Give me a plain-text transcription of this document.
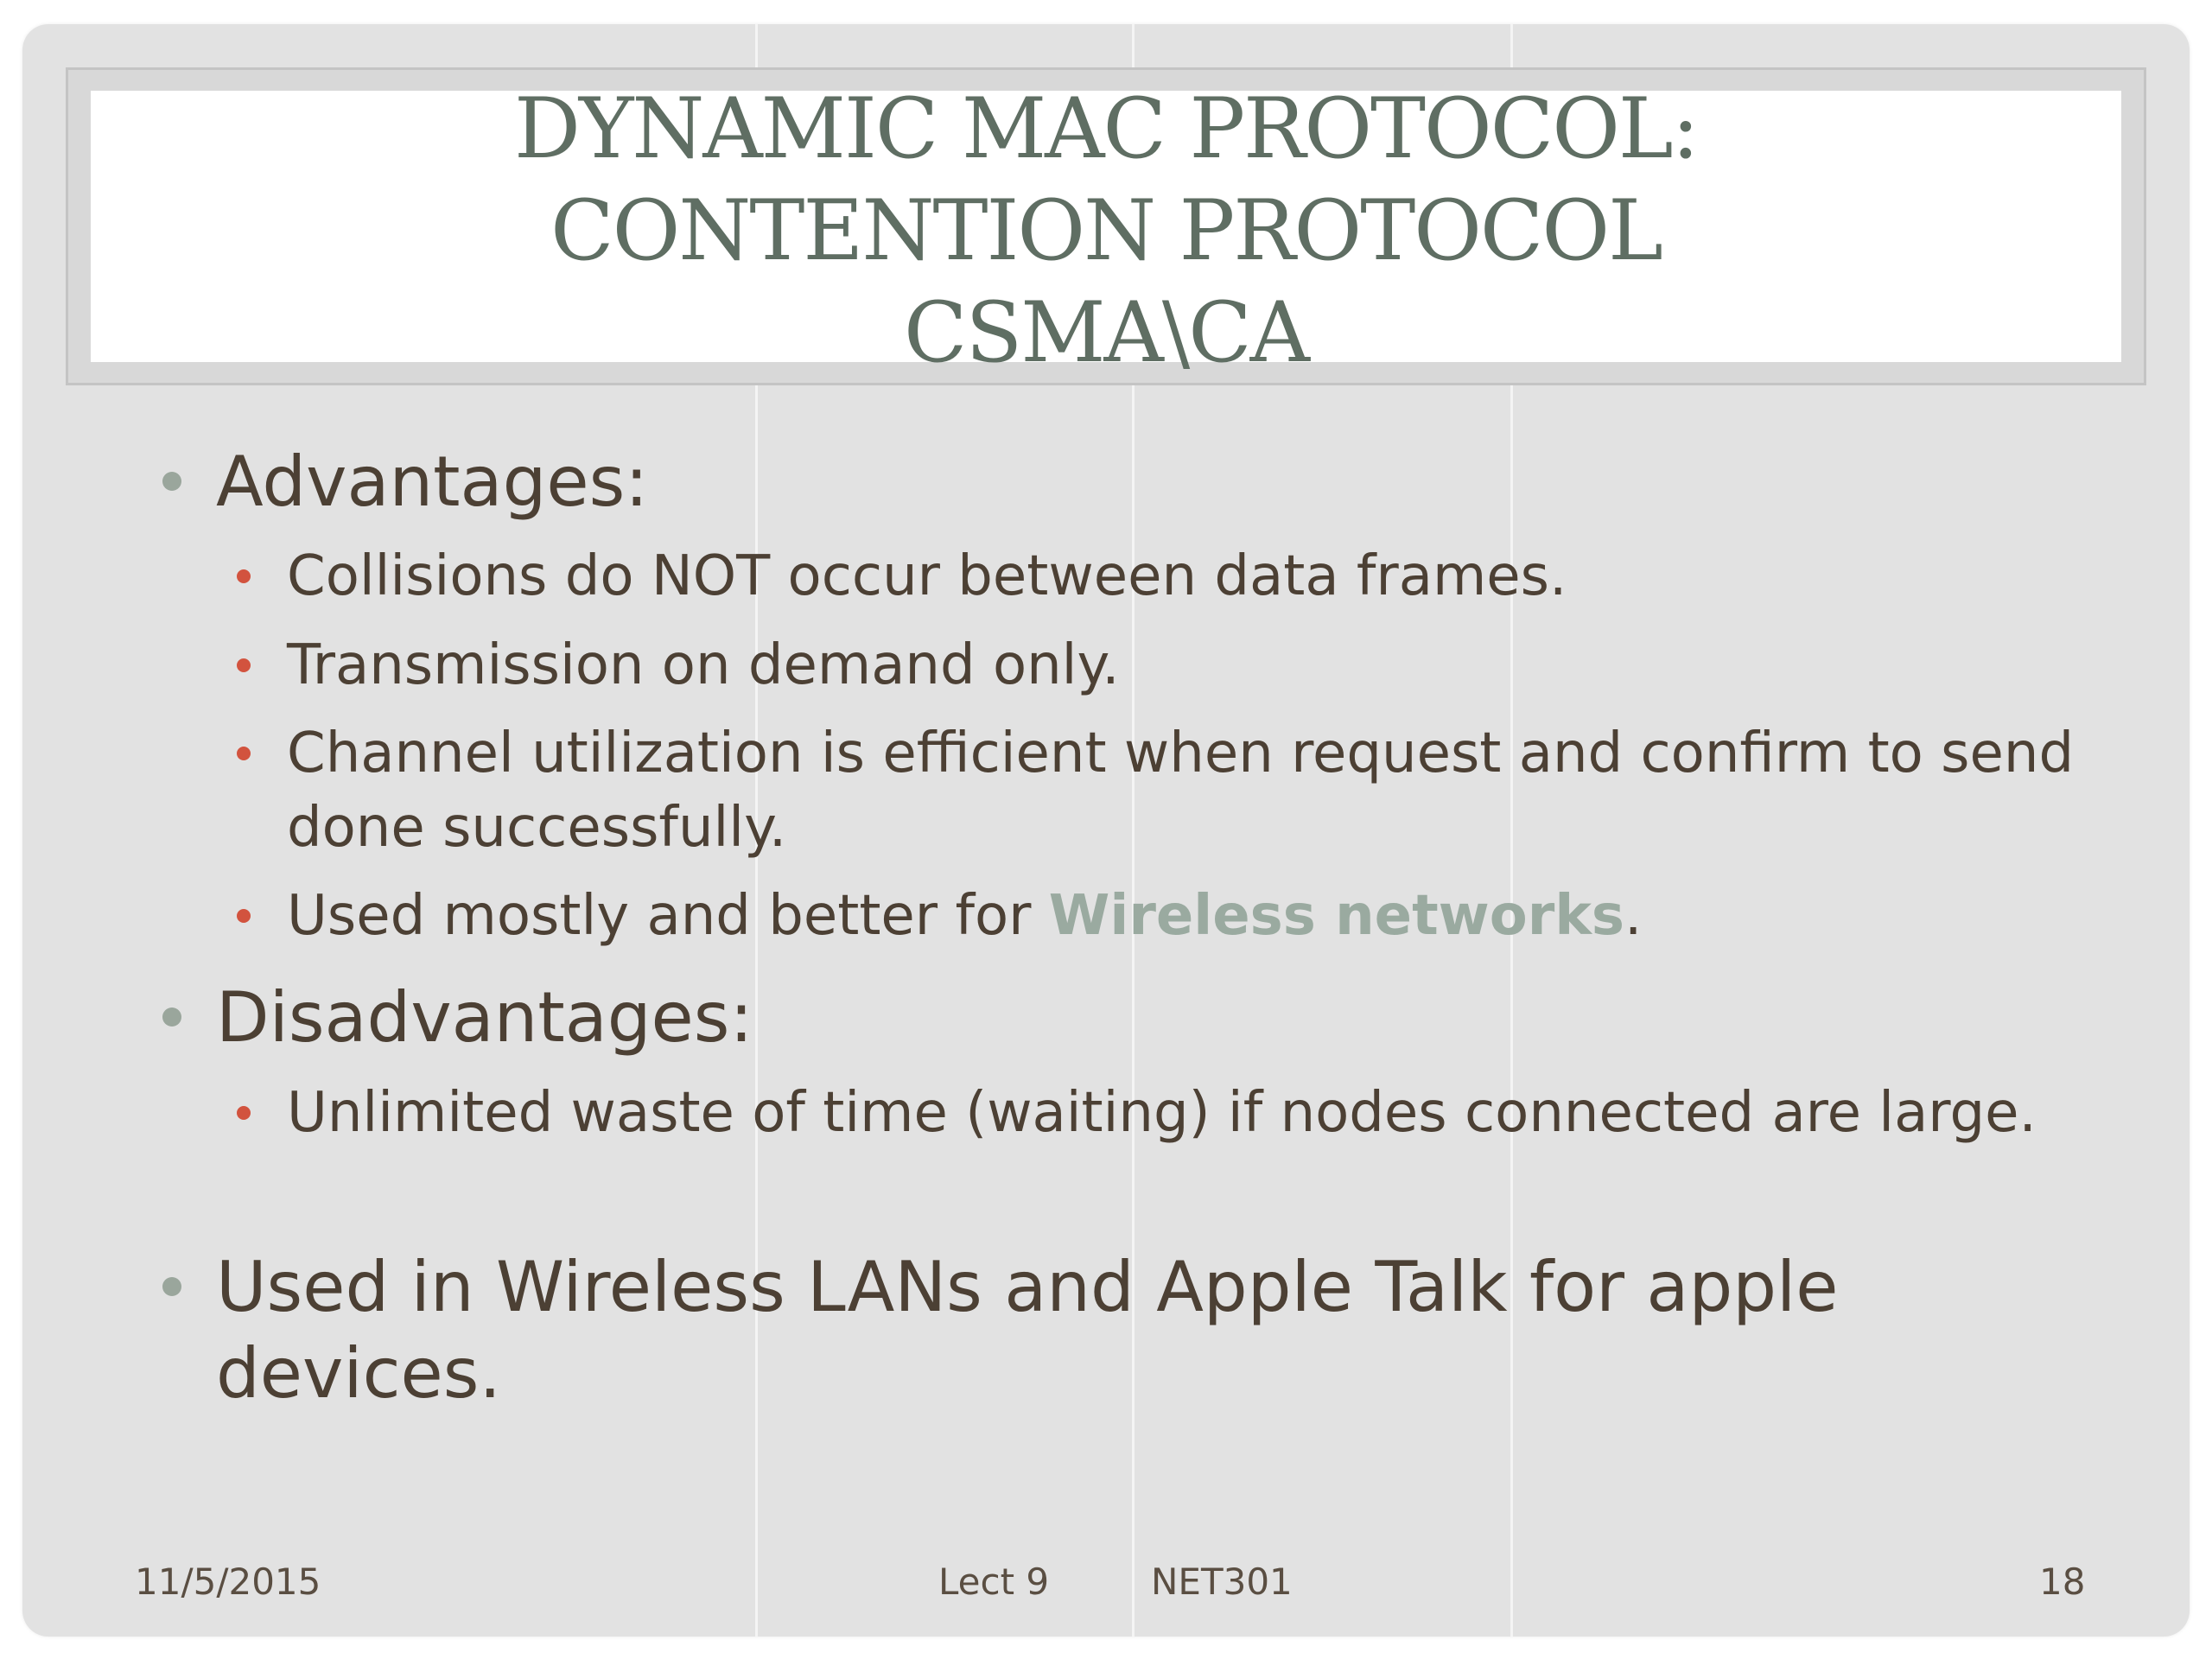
DYNAMIC MAC PROTOCOL:
CONTENTION PROTOCOL
CSMA\CA
Advantages:
Collisions do NOT occur between data frames.
Transmission on demand only.
Channel utilization is efficient when request and confirm to send done successfully.
Used mostly and better for Wireless networks.
Disadvantages:
Unlimited waste of time (waiting) if nodes connected are large.
Used in Wireless LANs and Apple Talk for apple devices.
11/5/2015	Lect 9	NET301	18
